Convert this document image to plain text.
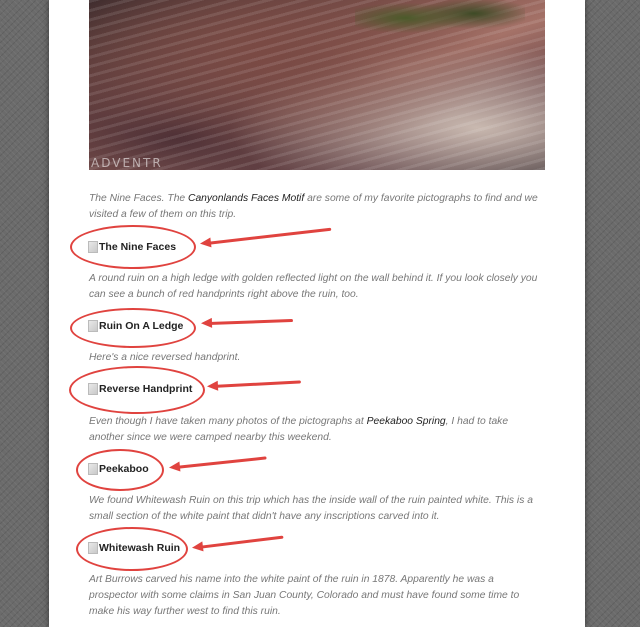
ADVENTR

The Nine Faces. The Canyonlands Faces Motif are some of my favorite pictographs to find and we visited a few of them on this trip.

The Nine Faces

A round ruin on a high ledge with golden reflected light on the wall behind it. If you look closely you can see a bunch of red handprints right above the ruin, too.

Ruin On A Ledge

Here's a nice reversed handprint.

Reverse Handprint

Even though I have taken many photos of the pictographs at Peekaboo Spring, I had to take another since we were camped nearby this weekend.

Peekaboo

We found Whitewash Ruin on this trip which has the inside wall of the ruin painted white. This is a small section of the white paint that didn't have any inscriptions carved into it.

Whitewash Ruin

Art Burrows carved his name into the white paint of the ruin in 1878. Apparently he was a prospector with some claims in San Juan County, Colorado and must have found some time to make his way further west to find this ruin.
